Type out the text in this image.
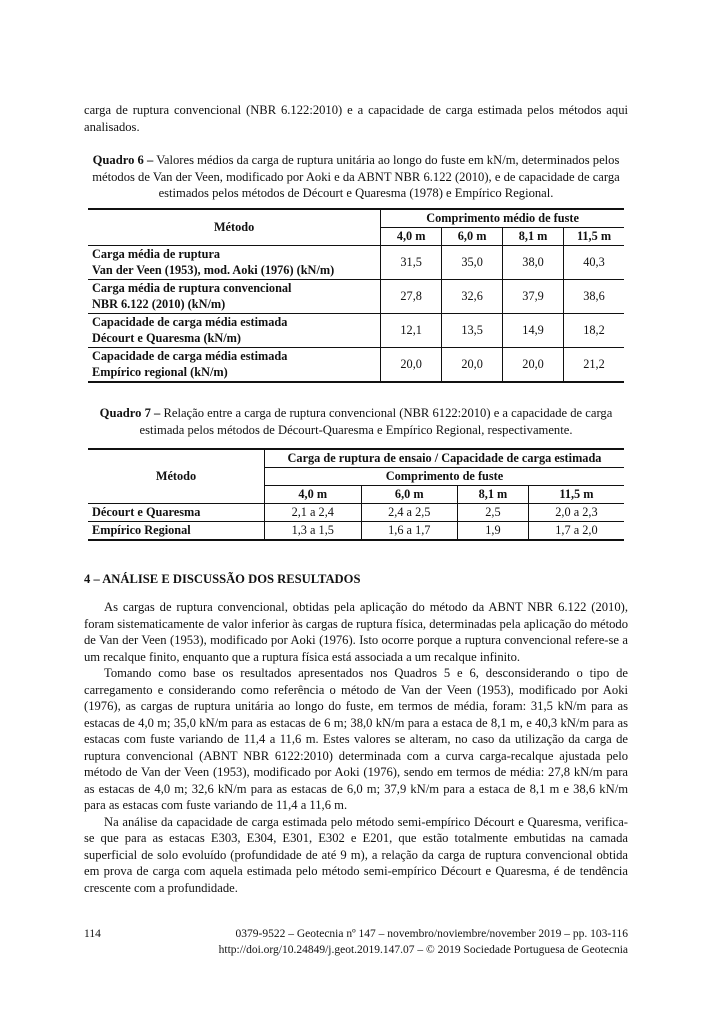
carga de ruptura convencional (NBR 6.122:2010) e a capacidade de carga estimada pelos métodos aqui analisados.

Quadro 6 – Valores médios da carga de ruptura unitária ao longo do fuste em kN/m, determinados pelos métodos de Van der Veen, modificado por Aoki e da ABNT NBR 6.122 (2010), e de capacidade de carga estimados pelos métodos de Décourt e Quaresma (1978) e Empírico Regional.

Método	Comprimento médio de fuste			
	4,0 m	6,0 m	8,1 m	11,5 m
Carga média de ruptura
Van der Veen (1953), mod. Aoki (1976) (kN/m)	31,5	35,0	38,0	40,3
Carga média de ruptura convencional
NBR 6.122 (2010) (kN/m)	27,8	32,6	37,9	38,6
Capacidade de carga média estimada
Décourt e Quaresma (kN/m)	12,1	13,5	14,9	18,2
Capacidade de carga média estimada
Empírico regional (kN/m)	20,0	20,0	20,0	21,2

Quadro 7 – Relação entre a carga de ruptura convencional (NBR 6122:2010) e a capacidade de carga estimada pelos métodos de Décourt-Quaresma e Empírico Regional, respectivamente.

Método	Carga de ruptura de ensaio / Capacidade de carga estimada			
	Comprimento de fuste			
	4,0 m	6,0 m	8,1 m	11,5 m
Décourt e Quaresma	2,1 a 2,4	2,4 a 2,5	2,5	2,0 a 2,3
Empírico Regional	1,3 a 1,5	1,6 a 1,7	1,9	1,7 a 2,0
4 – ANÁLISE E DISCUSSÃO DOS RESULTADOS

As cargas de ruptura convencional, obtidas pela aplicação do método da ABNT NBR 6.122 (2010), foram sistematicamente de valor inferior às cargas de ruptura física, determinadas pela aplicação do método de Van der Veen (1953), modificado por Aoki (1976). Isto ocorre porque a ruptura convencional refere-se a um recalque finito, enquanto que a ruptura física está associada a um recalque infinito.

Tomando como base os resultados apresentados nos Quadros 5 e 6, desconsiderando o tipo de carregamento e considerando como referência o método de Van der Veen (1953), modificado por Aoki (1976), as cargas de ruptura unitária ao longo do fuste, em termos de média, foram: 31,5 kN/m para as estacas de 4,0 m; 35,0 kN/m para as estacas de 6 m; 38,0 kN/m para a estaca de 8,1 m, e 40,3 kN/m para as estacas com fuste variando de 11,4 a 11,6 m. Estes valores se alteram, no caso da utilização da carga de ruptura convencional (ABNT NBR 6122:2010) determinada com a curva carga-recalque ajustada pelo método de Van der Veen (1953), modificado por Aoki (1976), sendo em termos de média: 27,8 kN/m para as estacas de 4,0 m; 32,6 kN/m para as estacas de 6,0 m; 37,9 kN/m para a estaca de 8,1 m e 38,6 kN/m para as estacas com fuste variando de 11,4 a 11,6 m.

Na análise da capacidade de carga estimada pelo método semi-empírico Décourt e Quaresma, verifica-se que para as estacas E303, E304, E301, E302 e E201, que estão totalmente embutidas na camada superficial de solo evoluído (profundidade de até 9 m), a relação da carga de ruptura convencional obtida em prova de carga com aquela estimada pelo método semi-empírico Décourt e Quaresma, é de tendência crescente com a profundidade.

114	0379-9522 – Geotecnia nº 147 – novembro/noviembre/november 2019 – pp. 103-116
http://doi.org/10.24849/j.geot.2019.147.07 – © 2019 Sociedade Portuguesa de Geotecnia
